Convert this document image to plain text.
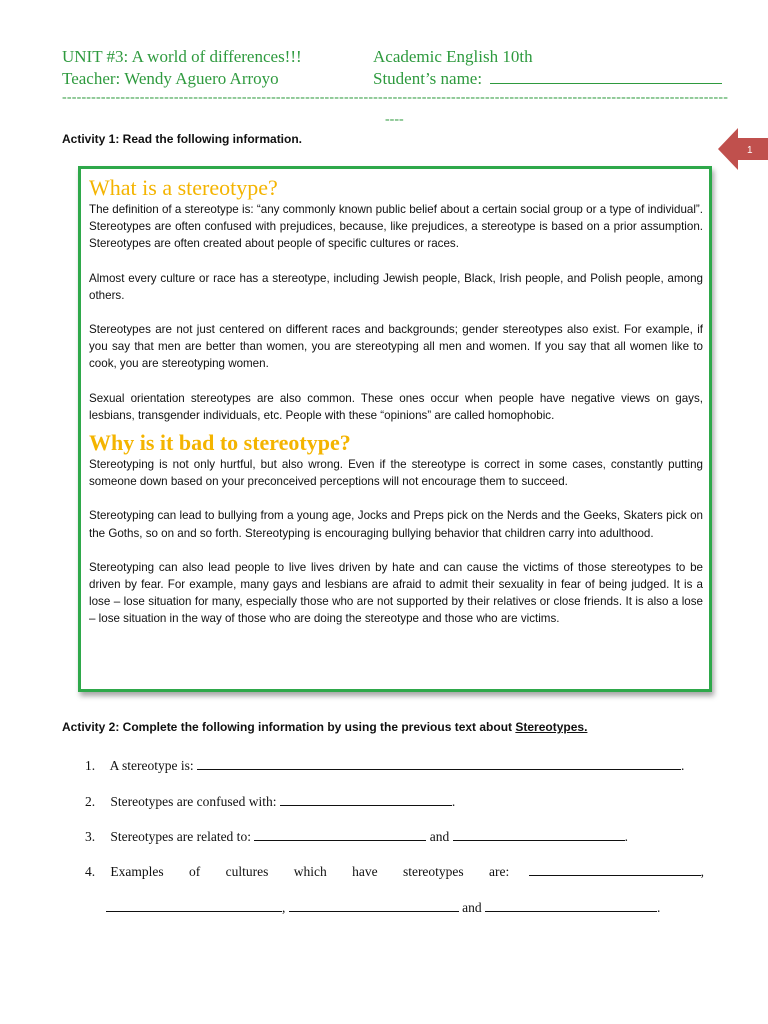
UNIT #3: A world of differences!!!
Teacher: Wendy Aguero Arroyo
Academic English 10th
Student’s name:
-----------------------------------------------------------------------------------------------------------------------------------------
----
1
Activity 1: Read the following information.
What is a stereotype?

The definition of a stereotype is: “any commonly known public belief about a certain social group or a type of individual”. Stereotypes are often confused with prejudices, because, like prejudices, a stereotype is based on a prior assumption. Stereotypes are often created about people of specific cultures or races.

Almost every culture or race has a stereotype, including Jewish people, Black, Irish people, and Polish people, among others.

Stereotypes are not just centered on different races and backgrounds; gender stereotypes also exist. For example, if you say that men are better than women, you are stereotyping all men and women. If you say that all women like to cook, you are stereotyping women.

Sexual orientation stereotypes are also common. These ones occur when people have negative views on gays, lesbians, transgender individuals, etc. People with these “opinions” are called homophobic.

Why is it bad to stereotype?

Stereotyping is not only hurtful, but also wrong. Even if the stereotype is correct in some cases, constantly putting someone down based on your preconceived perceptions will not encourage them to succeed.

Stereotyping can lead to bullying from a young age, Jocks and Preps pick on the Nerds and the Geeks, Skaters pick on the Goths, so on and so forth. Stereotyping is encouraging bullying behavior that children carry into adulthood.

Stereotyping can also lead people to live lives driven by hate and can cause the victims of those stereotypes to be driven by fear. For example, many gays and lesbians are afraid to admit their sexuality in fear of being judged. It is a lose – lose situation for many, especially those who are not supported by their relatives or close friends. It is also a lose – lose situation in the way of those who are doing the stereotype and those who are victims.

Activity 2: Complete the following information by using the previous text about Stereotypes.
1. A stereotype is:	.
2. Stereotypes are confused with:	.
3. Stereotypes are related to:	and	.
4. Examples of cultures which have stereotypes are:	,
,	and	.
